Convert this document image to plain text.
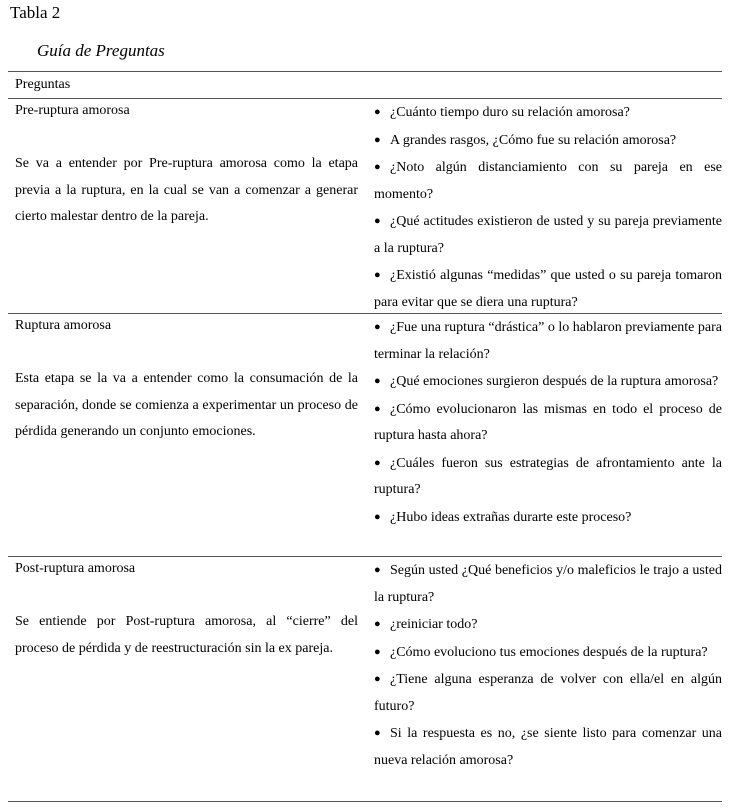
Tabla 2
Guía de Preguntas
Preguntas
Pre-ruptura amorosa
Se va a entender por Pre-ruptura amorosa como la etapa previa a la ruptura, en la cual se van a comenzar a generar cierto malestar dentro de la pareja.
● ¿Cuánto tiempo duro su relación amorosa?
● A grandes rasgos, ¿Cómo fue su relación amorosa?
● ¿Noto algún distanciamiento con su pareja en ese momento?
● ¿Qué actitudes existieron de usted y su pareja previamente a la ruptura?
● ¿Existió algunas “medidas” que usted o su pareja tomaron para evitar que se diera una ruptura?
Ruptura amorosa
Esta etapa se la va a entender como la consumación de la separación, donde se comienza a experimentar un proceso de pérdida generando un conjunto emociones.
● ¿Fue una ruptura “drástica” o lo hablaron previamente para terminar la relación?
● ¿Qué emociones surgieron después de la ruptura amorosa?
● ¿Cómo evolucionaron las mismas en todo el proceso de ruptura hasta ahora?
● ¿Cuáles fueron sus estrategias de afrontamiento ante la ruptura?
● ¿Hubo ideas extrañas durarte este proceso?
Post-ruptura amorosa
Se entiende por Post-ruptura amorosa, al “cierre” del proceso de pérdida y de reestructuración sin la ex pareja.
● Según usted ¿Qué beneficios y/o maleficios le trajo a usted la ruptura?
● ¿reiniciar todo?
● ¿Cómo evoluciono tus emociones después de la ruptura?
● ¿Tiene alguna esperanza de volver con ella/el en algún futuro?
● Si la respuesta es no, ¿se siente listo para comenzar una nueva relación amorosa?
